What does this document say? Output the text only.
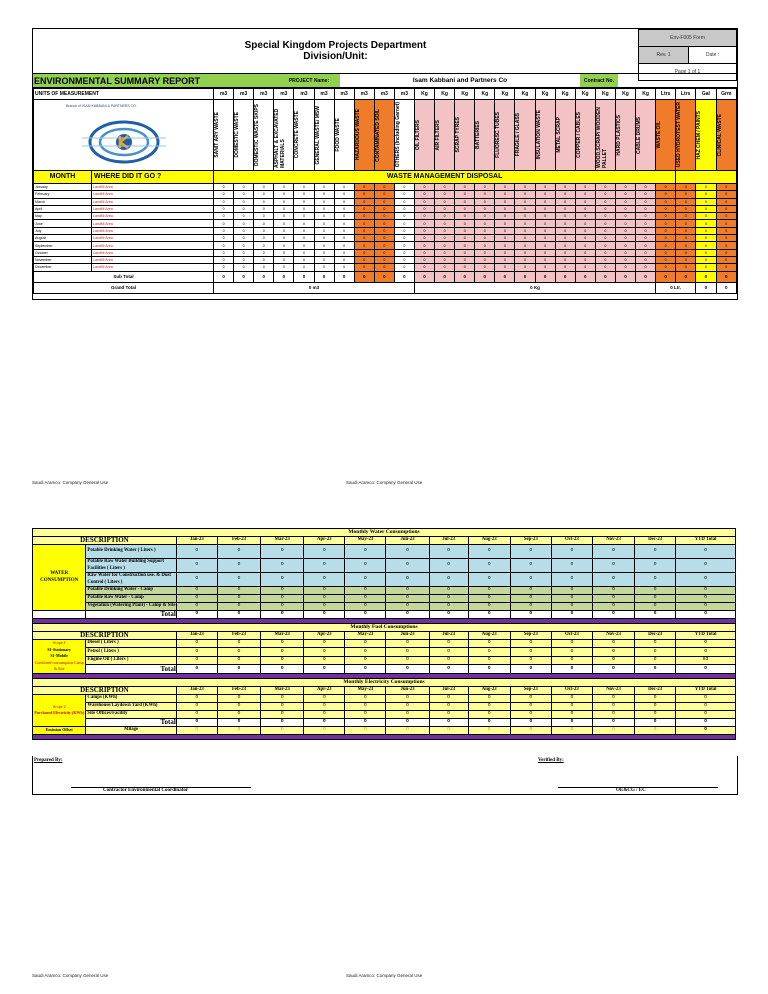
Special Kingdom Projects Department
Division/Unit:
Env-F005 Form
Rev. 1	Date :
Page 1 of 1
ENVIRONMENTAL SUMMARY REPORT	PROJECT Name:	Isam Kabbani and Partners Co	Contract No.
UNITS OF MEASUREMENT		m3	m3	m3	m3	m3	m3	m3	m3	m3	m3	Kg	Kg	Kg	Kg	Kg	Kg	Kg	Kg	Kg	Kg	Kg	Kg	Ltrs	Ltrs	Gal	Grm

Branch of ISAM KABBANI & PARTNERS CO.		SANIT ARY WASTE	DOMESTIC WASTE	DOMESTIC WASTE SKIPS	ASPHALT & EXCAVATED MATERIALS	CONCRETE WASTE	GENERAL WASTE/ MSW	FOOD WASTE	HAZARDOUS WASTE	CONTAMINATED SOIL	OTHERS (Including Garnet)	OIL FILTERS	AIR FILTERS	SCRAP TYRES	BATTERIES	FLUORESC TUBES	FRAGILE / GLASS	INSULATION WASTE	METAL SCRAP	COPPER / CABLES	WOOD,SCRAP/ WOODEN PALLET	HARD PLASTICS	CABLE DRUMS	WASTE OIL	USED HYDROTEST WATER	HAZ CHEM / PAINTS	CLINICAL WASTE

MONTH	WHERE DID IT GO ?	WASTE MANAGEMENT DISPOSAL																									
January	Landfill Area	0	0	0	0	0	0	0	0	0	0	0	0	0	0	0	0	0	0	0	0	0	0	0	0	0	0
February	Landfill Area	0	0	0	0	0	0	0	0	0	0	0	0	0	0	0	0	0	0	0	0	0	0	0	0	0	0
March	Landfill Area	0	0	0	0	0	0	0	0	0	0	0	0	0	0	0	0	0	0	0	0	0	0	0	0	0	0
April	Landfill Area	0	0	0	0	0	0	0	0	0	0	0	0	0	0	0	0	0	0	0	0	0	0	0	0	0	0
May	Landfill Area	0	0	0	0	0	0	0	0	0	0	0	0	0	0	0	0	0	0	0	0	0	0	0	0	0	0
June	Landfill Area	0	0	0	0	0	0	0	0	0	0	0	0	0	0	0	0	0	0	0	0	0	0	0	0	0	0
July	Landfill Area	0	0	0	0	0	0	0	0	0	0	0	0	0	0	0	0	0	0	0	0	0	0	0	0	0	0
August	Landfill Area	0	0	0	0	0	0	0	0	0	0	0	0	0	0	0	0	0	0	0	0	0	0	0	0	0	0
September	Landfill Area	0	0	0	0	0	0	0	0	0	0	0	0	0	0	0	0	0	0	0	0	0	0	0	0	0	0
October	Landfill Area	0	0	0	0	0	0	0	0	0	0	0	0	0	0	0	0	0	0	0	0	0	0	0	0	0	0
November	Landfill Area	0	0	0	0	0	0	0	0	0	0	0	0	0	0	0	0	0	0	0	0	0	0	0	0	0	0
December	Landfill Area	0	0	0	0	0	0	0	0	0	0	0	0	0	0	0	0	0	0	0	0	0	0	0	0	0	0
Sub Total		0	0	0	0	0	0	0	0	0	0	0	0	0	0	0	0	0	0	0	0	0	0	0	0	0	0
Grand Total		0 m3										0 Kg												0 Ltr.		0	0
Saudi Aramco: Company General Use	Saudi Aramco: Company General Use
Monthly Water Consumptions														
DESCRIPTION		Jan-23	Feb-23	Mar-23	Apr-23	May-23	Jun-23	Jul-23	Aug-23	Sep-23	Oct-23	Nov-23	Dec-23	YTD Total
WATER CONSUMPTION	Potable Drinking Water ( Liters )	0	0	0	0	0	0	0	0	0	0	0	0	0
	Potable Raw Water Building Support Facilities ( Liters )	0	0	0	0	0	0	0	0	0	0	0	0	0
	Raw Water for Construction use. & Dust Control ( Liters )	0	0	0	0	0	0	0	0	0	0	0	0	0
	Potable Drinking Water - Camp	0	0	0	0	0	0	0	0	0	0	0	0	0
	Potable Raw Water - Camp	0	0	0	0	0	0	0	0	0	0	0	0	0
	Vegetation (Watering Plant) - Camp & Site	0	0	0	0	0	0	0	0	0	0	0	0	0
	Total	0	0	0	0	0	0	0	0	0	0	0	0	0

Monthly Fuel Consumptions														
DESCRIPTION		Jan-23	Feb-23	Mar-23	Apr-23	May-23	Jun-23	Jul-23	Aug-23	Sep-23	Oct-23	Nov-23	Dec-23	YTD Total

Scope 1
S1-Stationary
S1-Mobile
Combined consumption Camp & Site	Diesel ( Liters )	0	0	0	0	0	0	0	0	0	0	0	0	0
	Petrol ( Liters )	0	0	0	0	0	0	0	0	0	0	0	0	0
	Engine Oil ( Liters )	0	0	0	0	0	0	0	0	0	0	0	0	83
	Total	0	0	0	0	0	0	0	0	0	0	0	0	0

Monthly Electricity Consumptions														
DESCRIPTION		Jan-23	Feb-23	Mar-23	Apr-23	May-23	Jun-23	Jul-23	Aug-23	Sep-23	Oct-23	Nov-23	Dec-23	YTD Total

Scope 2
Purchased Electricity (KWh)	Camps (KWh)	0	0	0	0	0	0	0	0	0	0	0	0	0
	Warehouse/Laydown Yard (KWh)	0	0	0	0	0	0	0	0	0	0	0	0	0
	Site Offices/Facility	0	0	0	0	0	0	0	0	0	0	0	0	0
	Total	0	0	0	0	0	0	0	0	0	0	0	0	0
Emission Offset	Milage	0	0	0	0	0	0	0	0	0	0	0	0	0

Prepared By:	Verified By:
Contractor Environmental Coordinator	OE&CG / EC
Saudi Aramco: Company General Use	Saudi Aramco: Company General Use
